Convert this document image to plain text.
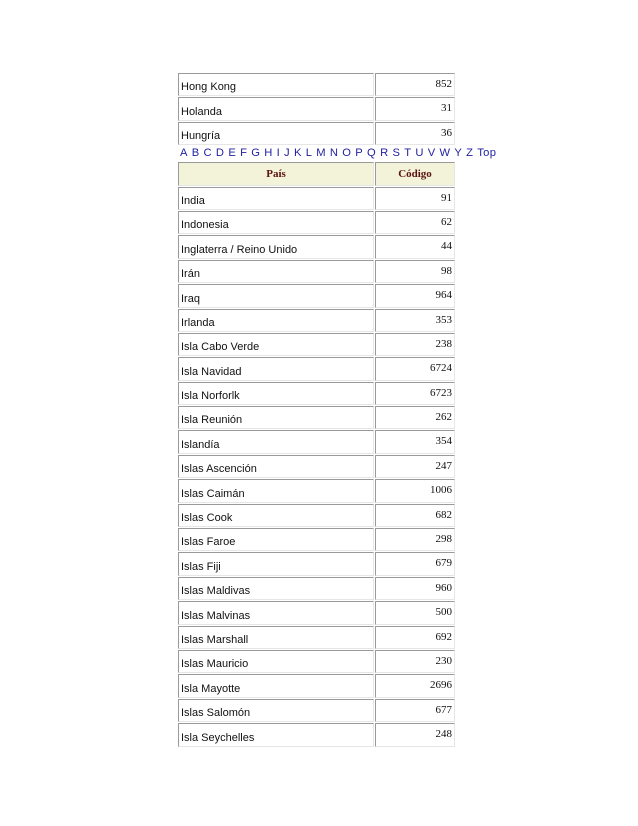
Hong Kong	852
Holanda	31
Hungría	36
A B C D E F G H I J K L M N O P Q R S T U V W Y Z Top
País	Código
India	91
Indonesia	62
Inglaterra / Reino Unido	44
Irán	98
Iraq	964
Irlanda	353
Isla Cabo Verde	238
Isla Navidad	6724
Isla Norforlk	6723
Isla Reunión	262
Islandía	354
Islas Ascención	247
Islas Caimán	1006
Islas Cook	682
Islas Faroe	298
Islas Fiji	679
Islas Maldivas	960
Islas Malvinas	500
Islas Marshall	692
Islas Mauricio	230
Isla Mayotte	2696
Islas Salomón	677
Isla Seychelles	248
